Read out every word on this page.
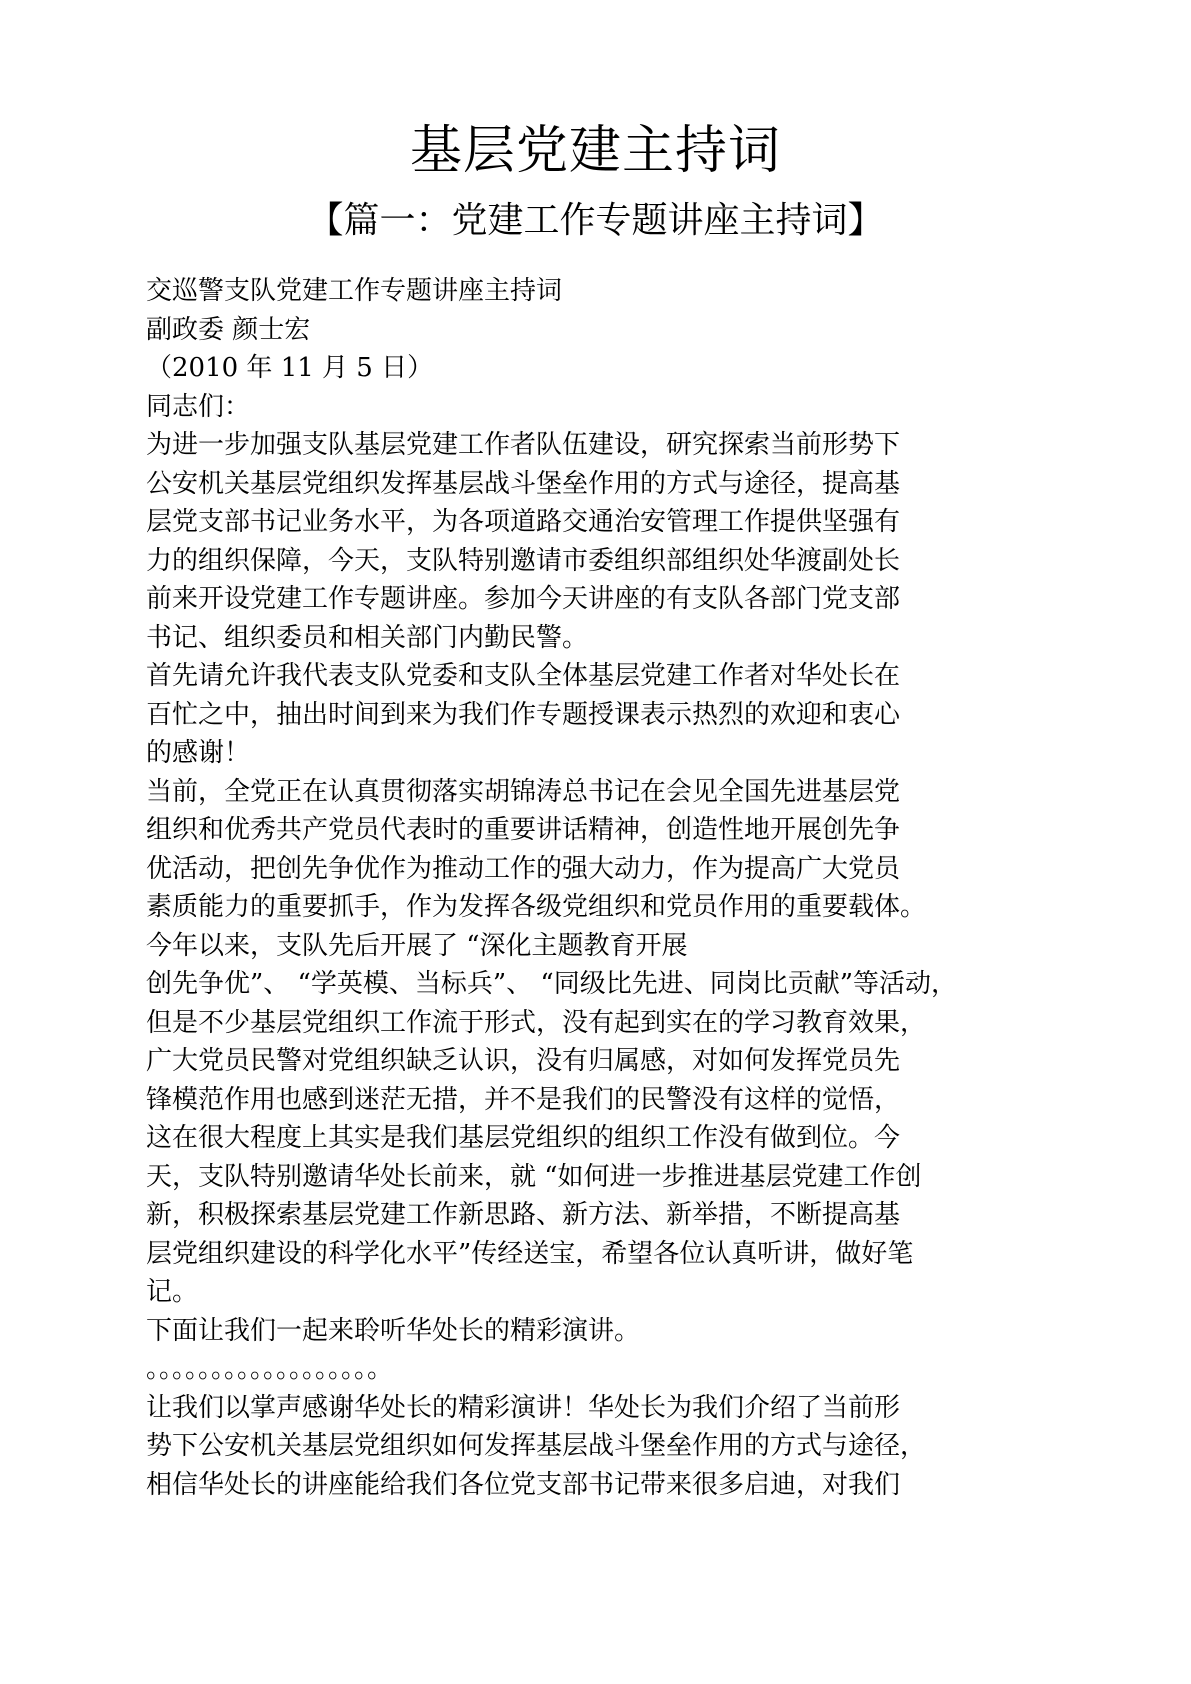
基层党建主持词
【篇一：党建工作专题讲座主持词】
交巡警支队党建工作专题讲座主持词
副政委 颜士宏
（2010 年 11 月 5 日）
同志们：
为进一步加强支队基层党建工作者队伍建设，研究探索当前形势下
公安机关基层党组织发挥基层战斗堡垒作用的方式与途径，提高基
层党支部书记业务水平，为各项道路交通治安管理工作提供坚强有
力的组织保障，今天，支队特别邀请市委组织部组织处华渡副处长
前来开设党建工作专题讲座。参加今天讲座的有支队各部门党支部
书记、组织委员和相关部门内勤民警。
首先请允许我代表支队党委和支队全体基层党建工作者对华处长在
百忙之中，抽出时间到来为我们作专题授课表示热烈的欢迎和衷心
的感谢！
当前，全党正在认真贯彻落实胡锦涛总书记在会见全国先进基层党
组织和优秀共产党员代表时的重要讲话精神，创造性地开展创先争
优活动，把创先争优作为推动工作的强大动力，作为提高广大党员
素质能力的重要抓手，作为发挥各级党组织和党员作用的重要载体。
今年以来，支队先后开展了 “深化主题教育开展
创先争优”、 “学英模、当标兵”、 “同级比先进、同岗比贡献”等活动，
但是不少基层党组织工作流于形式，没有起到实在的学习教育效果，
广大党员民警对党组织缺乏认识，没有归属感，对如何发挥党员先
锋模范作用也感到迷茫无措，并不是我们的民警没有这样的觉悟，
这在很大程度上其实是我们基层党组织的组织工作没有做到位。今
天，支队特别邀请华处长前来，就 “如何进一步推进基层党建工作创
新，积极探索基层党建工作新思路、新方法、新举措，不断提高基
层党组织建设的科学化水平”传经送宝，希望各位认真听讲，做好笔
记。
下面让我们一起来聆听华处长的精彩演讲。
。。。。。。。。。。。。。。。。。。
让我们以掌声感谢华处长的精彩演讲！华处长为我们介绍了当前形
势下公安机关基层党组织如何发挥基层战斗堡垒作用的方式与途径，
相信华处长的讲座能给我们各位党支部书记带来很多启迪，对我们
